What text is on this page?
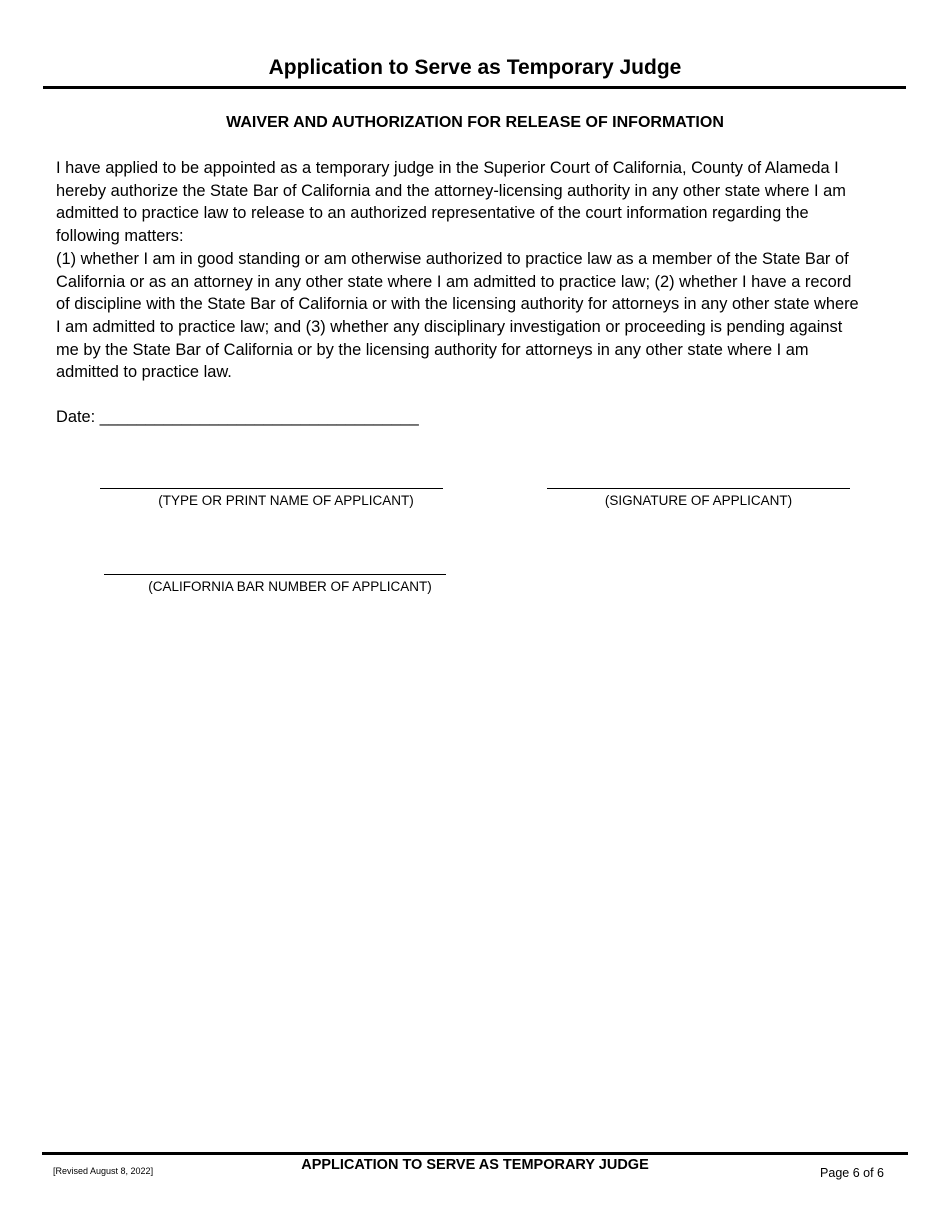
Application to Serve as Temporary Judge
WAIVER AND AUTHORIZATION FOR RELEASE OF INFORMATION
I have applied to be appointed as a temporary judge in the Superior Court of California, County of Alameda I
hereby authorize the State Bar of California and the attorney-licensing authority in any other state where I am
admitted to practice law to release to an authorized representative of the court information regarding the
following matters:
(1) whether I am in good standing or am otherwise authorized to practice law as a member of the State Bar of
California or as an attorney in any other state where I am admitted to practice law; (2) whether I have a record
of discipline with the State Bar of California or with the licensing authority for attorneys in any other state where
I am admitted to practice law; and (3) whether any disciplinary investigation or proceeding is pending against
me by the State Bar of California or by the licensing authority for attorneys in any other state where I am
admitted to practice law.
Date: ___________________________________
(TYPE OR PRINT NAME OF APPLICANT)	(SIGNATURE OF APPLICANT)
(CALIFORNIA BAR NUMBER OF APPLICANT)
APPLICATION TO SERVE AS TEMPORARY JUDGE
[Revised August 8, 2022]	Page 6 of 6
